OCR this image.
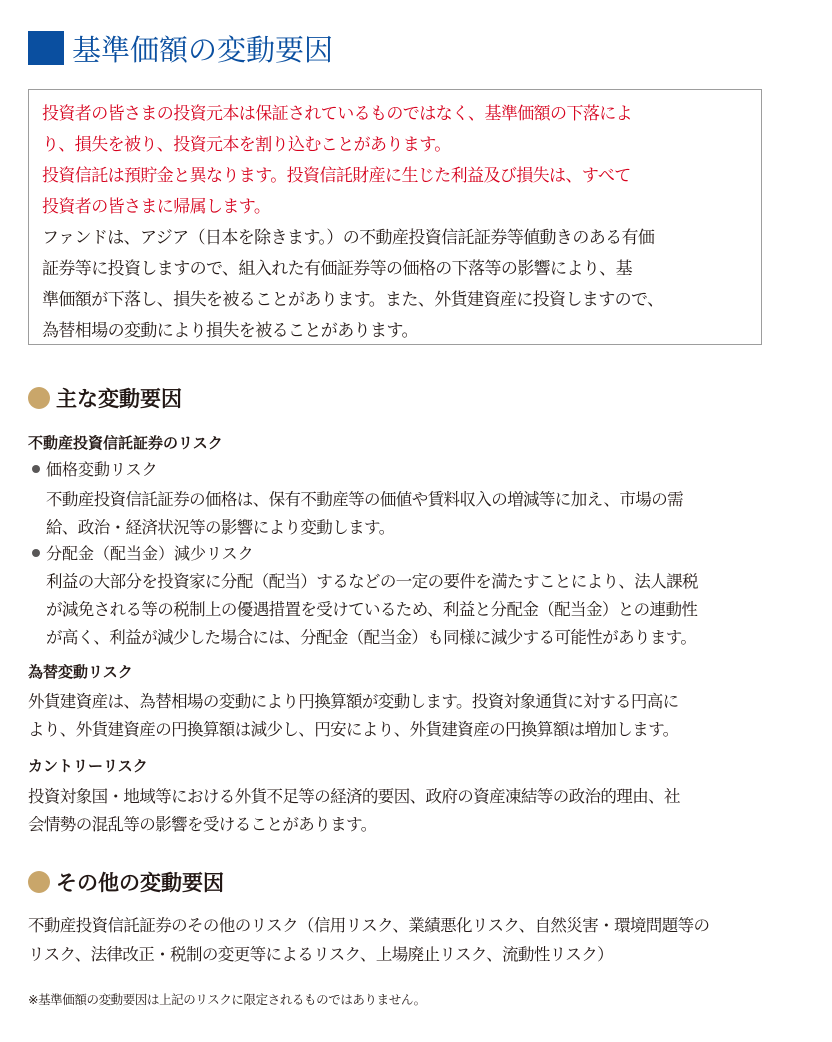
基準価額の変動要因

投資者の皆さまの投資元本は保証されているものではなく、基準価額の下落によ

り、損失を被り、投資元本を割り込むことがあります。

投資信託は預貯金と異なります。投資信託財産に生じた利益及び損失は、すべて

投資者の皆さまに帰属します。

ファンドは、アジア（日本を除きます。）の不動産投資信託証券等値動きのある有価

証券等に投資しますので、組入れた有価証券等の価格の下落等の影響により、基

準価額が下落し、損失を被ることがあります。また、外貨建資産に投資しますので、

為替相場の変動により損失を被ることがあります。

主な変動要因
不動産投資信託証券のリスク
価格変動リスク
不動産投資信託証券の価格は、保有不動産等の価値や賃料収入の増減等に加え、市場の需
給、政治・経済状況等の影響により変動します。
分配金（配当金）減少リスク
利益の大部分を投資家に分配（配当）するなどの一定の要件を満たすことにより、法人課税
が減免される等の税制上の優遇措置を受けているため、利益と分配金（配当金）との連動性
が高く、利益が減少した場合には、分配金（配当金）も同様に減少する可能性があります。
為替変動リスク
外貨建資産は、為替相場の変動により円換算額が変動します。投資対象通貨に対する円高に
より、外貨建資産の円換算額は減少し、円安により、外貨建資産の円換算額は増加します。
カントリーリスク
投資対象国・地域等における外貨不足等の経済的要因、政府の資産凍結等の政治的理由、社
会情勢の混乱等の影響を受けることがあります。
その他の変動要因
不動産投資信託証券のその他のリスク（信用リスク、業績悪化リスク、自然災害・環境問題等の
リスク、法律改正・税制の変更等によるリスク、上場廃止リスク、流動性リスク）
※基準価額の変動要因は上記のリスクに限定されるものではありません。
